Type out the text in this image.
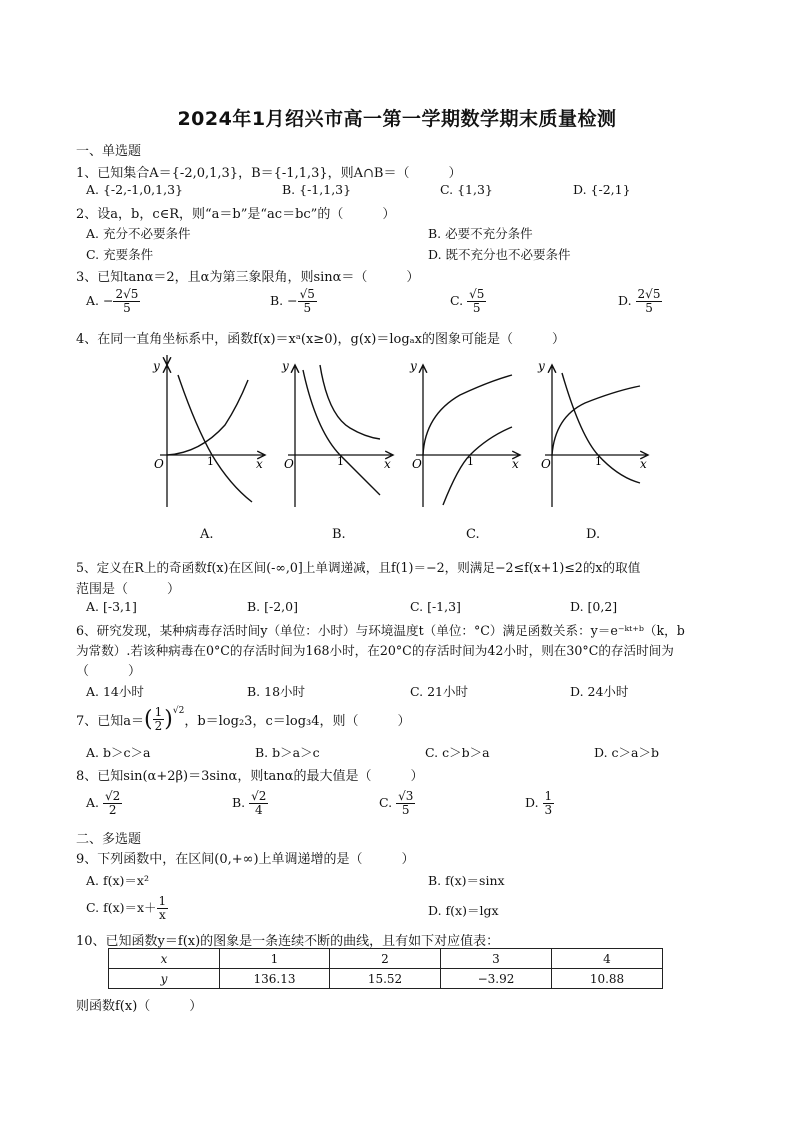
2024年1月绍兴市高一第一学期数学期末质量检测
一、单选题
1、已知集合A＝{-2,0,1,3}，B＝{-1,1,3}，则A∩B＝（　　　）
A. {-2,-1,0,1,3}	B. {-1,1,3}	C. {1,3}	D. {-2,1}
2、设a，b，c∈R，则“a＝b”是“ac＝bc”的（　　　）
A. 充分不必要条件	B. 必要不充分条件
C. 充要条件	D. 既不充分也不必要条件
3、已知tanα＝2，且α为第三象限角，则sinα＝（　　　）
A. − $\frac{2√5}{5}$	B. − $\frac{√5}{5}$	C. $\frac{√5}{5}$	D. $\frac{2√5}{5}$
4、在同一直角坐标系中，函数f(x)＝xᵃ(x≥0)，g(x)＝logₐx的图象可能是（　　　）
y
x
O	1
y
x
O	1
y
x
O	1
y
x
O	1
A.	B.	C.	D.
5、定义在R上的奇函数f(x)在区间(-∞,0]上单调递减，且f(1)＝−2，则满足−2≤f(x+1)≤2的x的取值
范围是（　　　）
A. [-3,1]	B. [-2,0]	C. [-1,3]	D. [0,2]
6、研究发现，某种病毒存活时间y（单位：小时）与环境温度t（单位：°C）满足函数关系：y＝e⁻ᵏᵗ⁺ᵇ（k，b
为常数）.若该种病毒在0°C的存活时间为168小时，在20°C的存活时间为42小时，则在30°C的存活时间为
（　　　）
A. 14小时	B. 18小时	C. 21小时	D. 24小时
7、已知a＝ ( $\frac{1}{2} )^{√2}$
，b＝log₂3，c＝log₃4，则（　　　）
A. b＞c＞a	B. b＞a＞c	C. c＞b＞a	D. c＞a＞b
8、已知sin(α+2β)＝3sinα，则tanα的最大值是（　　　）
A. $\frac{√2}{2}$	B. $\frac{√2}{4}$	C. $\frac{√3}{5}$	D. $\frac{1}{3}$
二、多选题
9、下列函数中，在区间(0,+∞)上单调递增的是（　　　）
A. f(x)＝x²	B. f(x)＝sinx
C. $f(x)=x+ \frac{1}{x}$	D. f(x)＝lgx
10、已知函数y＝f(x)的图象是一条连续不断的曲线，且有如下对应值表：
x	1	2	3	4
y	136.13	15.52	−3.92	10.88
则函数f(x)（　　　）
